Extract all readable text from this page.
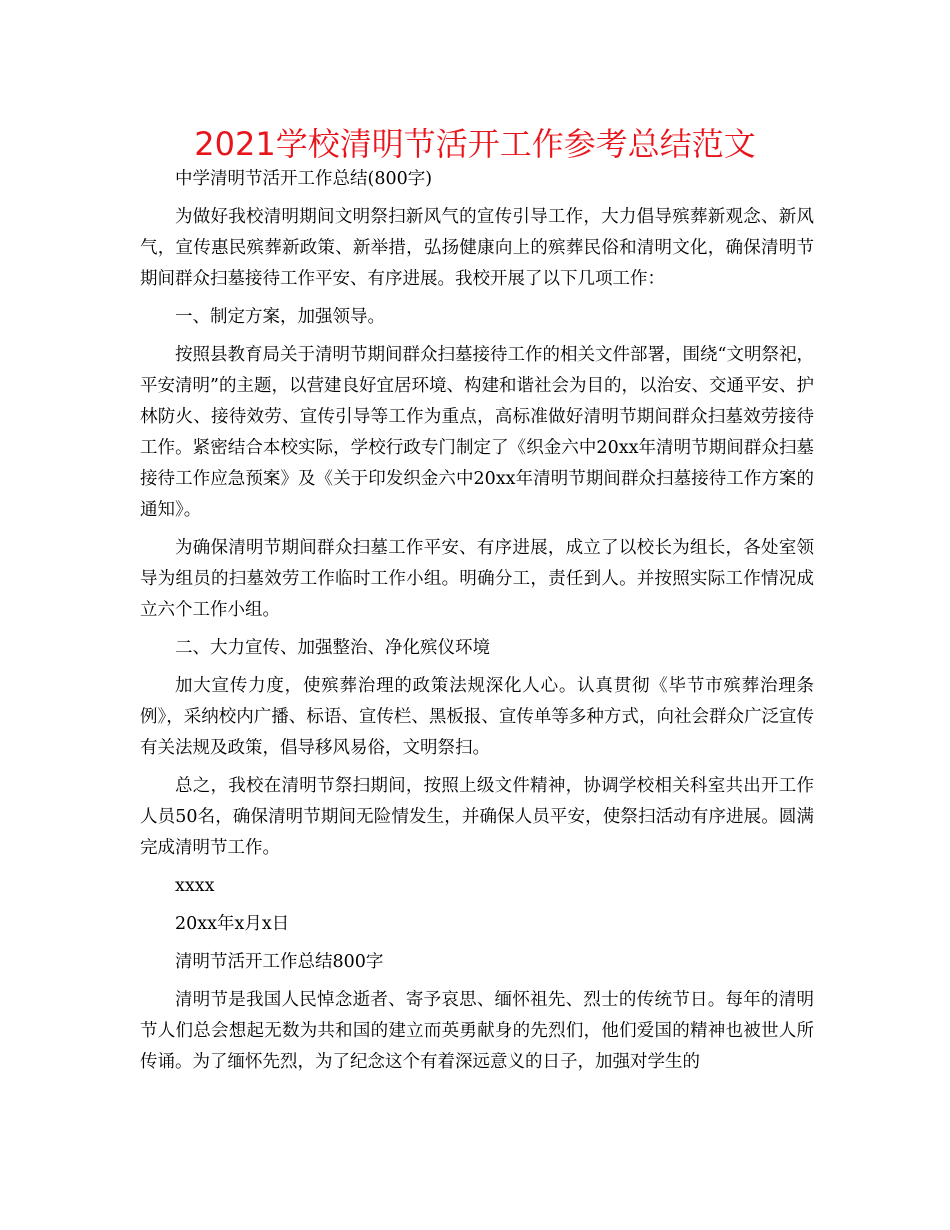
2021学校清明节活开工作参考总结范文

中学清明节活开工作总结(800字)

为做好我校清明期间文明祭扫新风气的宣传引导工作，大力倡导殡葬新观念、新风气，宣传惠民殡葬新政策、新举措，弘扬健康向上的殡葬民俗和清明文化，确保清明节期间群众扫墓接待工作平安、有序进展。我校开展了以下几项工作：

一、制定方案，加强领导。

按照县教育局关于清明节期间群众扫墓接待工作的相关文件部署，围绕“文明祭祀，平安清明”的主题，以营建良好宜居环境、构建和谐社会为目的，以治安、交通平安、护林防火、接待效劳、宣传引导等工作为重点，高标准做好清明节期间群众扫墓效劳接待工作。紧密结合本校实际，学校行政专门制定了《织金六中20xx年清明节期间群众扫墓接待工作应急预案》及《关于印发织金六中20xx年清明节期间群众扫墓接待工作方案的通知》。

为确保清明节期间群众扫墓工作平安、有序进展，成立了以校长为组长，各处室领导为组员的扫墓效劳工作临时工作小组。明确分工，责任到人。并按照实际工作情况成立六个工作小组。

二、大力宣传、加强整治、净化殡仪环境

加大宣传力度，使殡葬治理的政策法规深化人心。认真贯彻《毕节市殡葬治理条例》，采纳校内广播、标语、宣传栏、黑板报、宣传单等多种方式，向社会群众广泛宣传有关法规及政策，倡导移风易俗，文明祭扫。

总之，我校在清明节祭扫期间，按照上级文件精神，协调学校相关科室共出开工作人员50名，确保清明节期间无险情发生，并确保人员平安，使祭扫活动有序进展。圆满完成清明节工作。

xxxx

20xx年x月x日

清明节活开工作总结800字

清明节是我国人民悼念逝者、寄予哀思、缅怀祖先、烈士的传统节日。每年的清明节人们总会想起无数为共和国的建立而英勇献身的先烈们，他们爱国的精神也被世人所传诵。为了缅怀先烈，为了纪念这个有着深远意义的日子，加强对学生的
